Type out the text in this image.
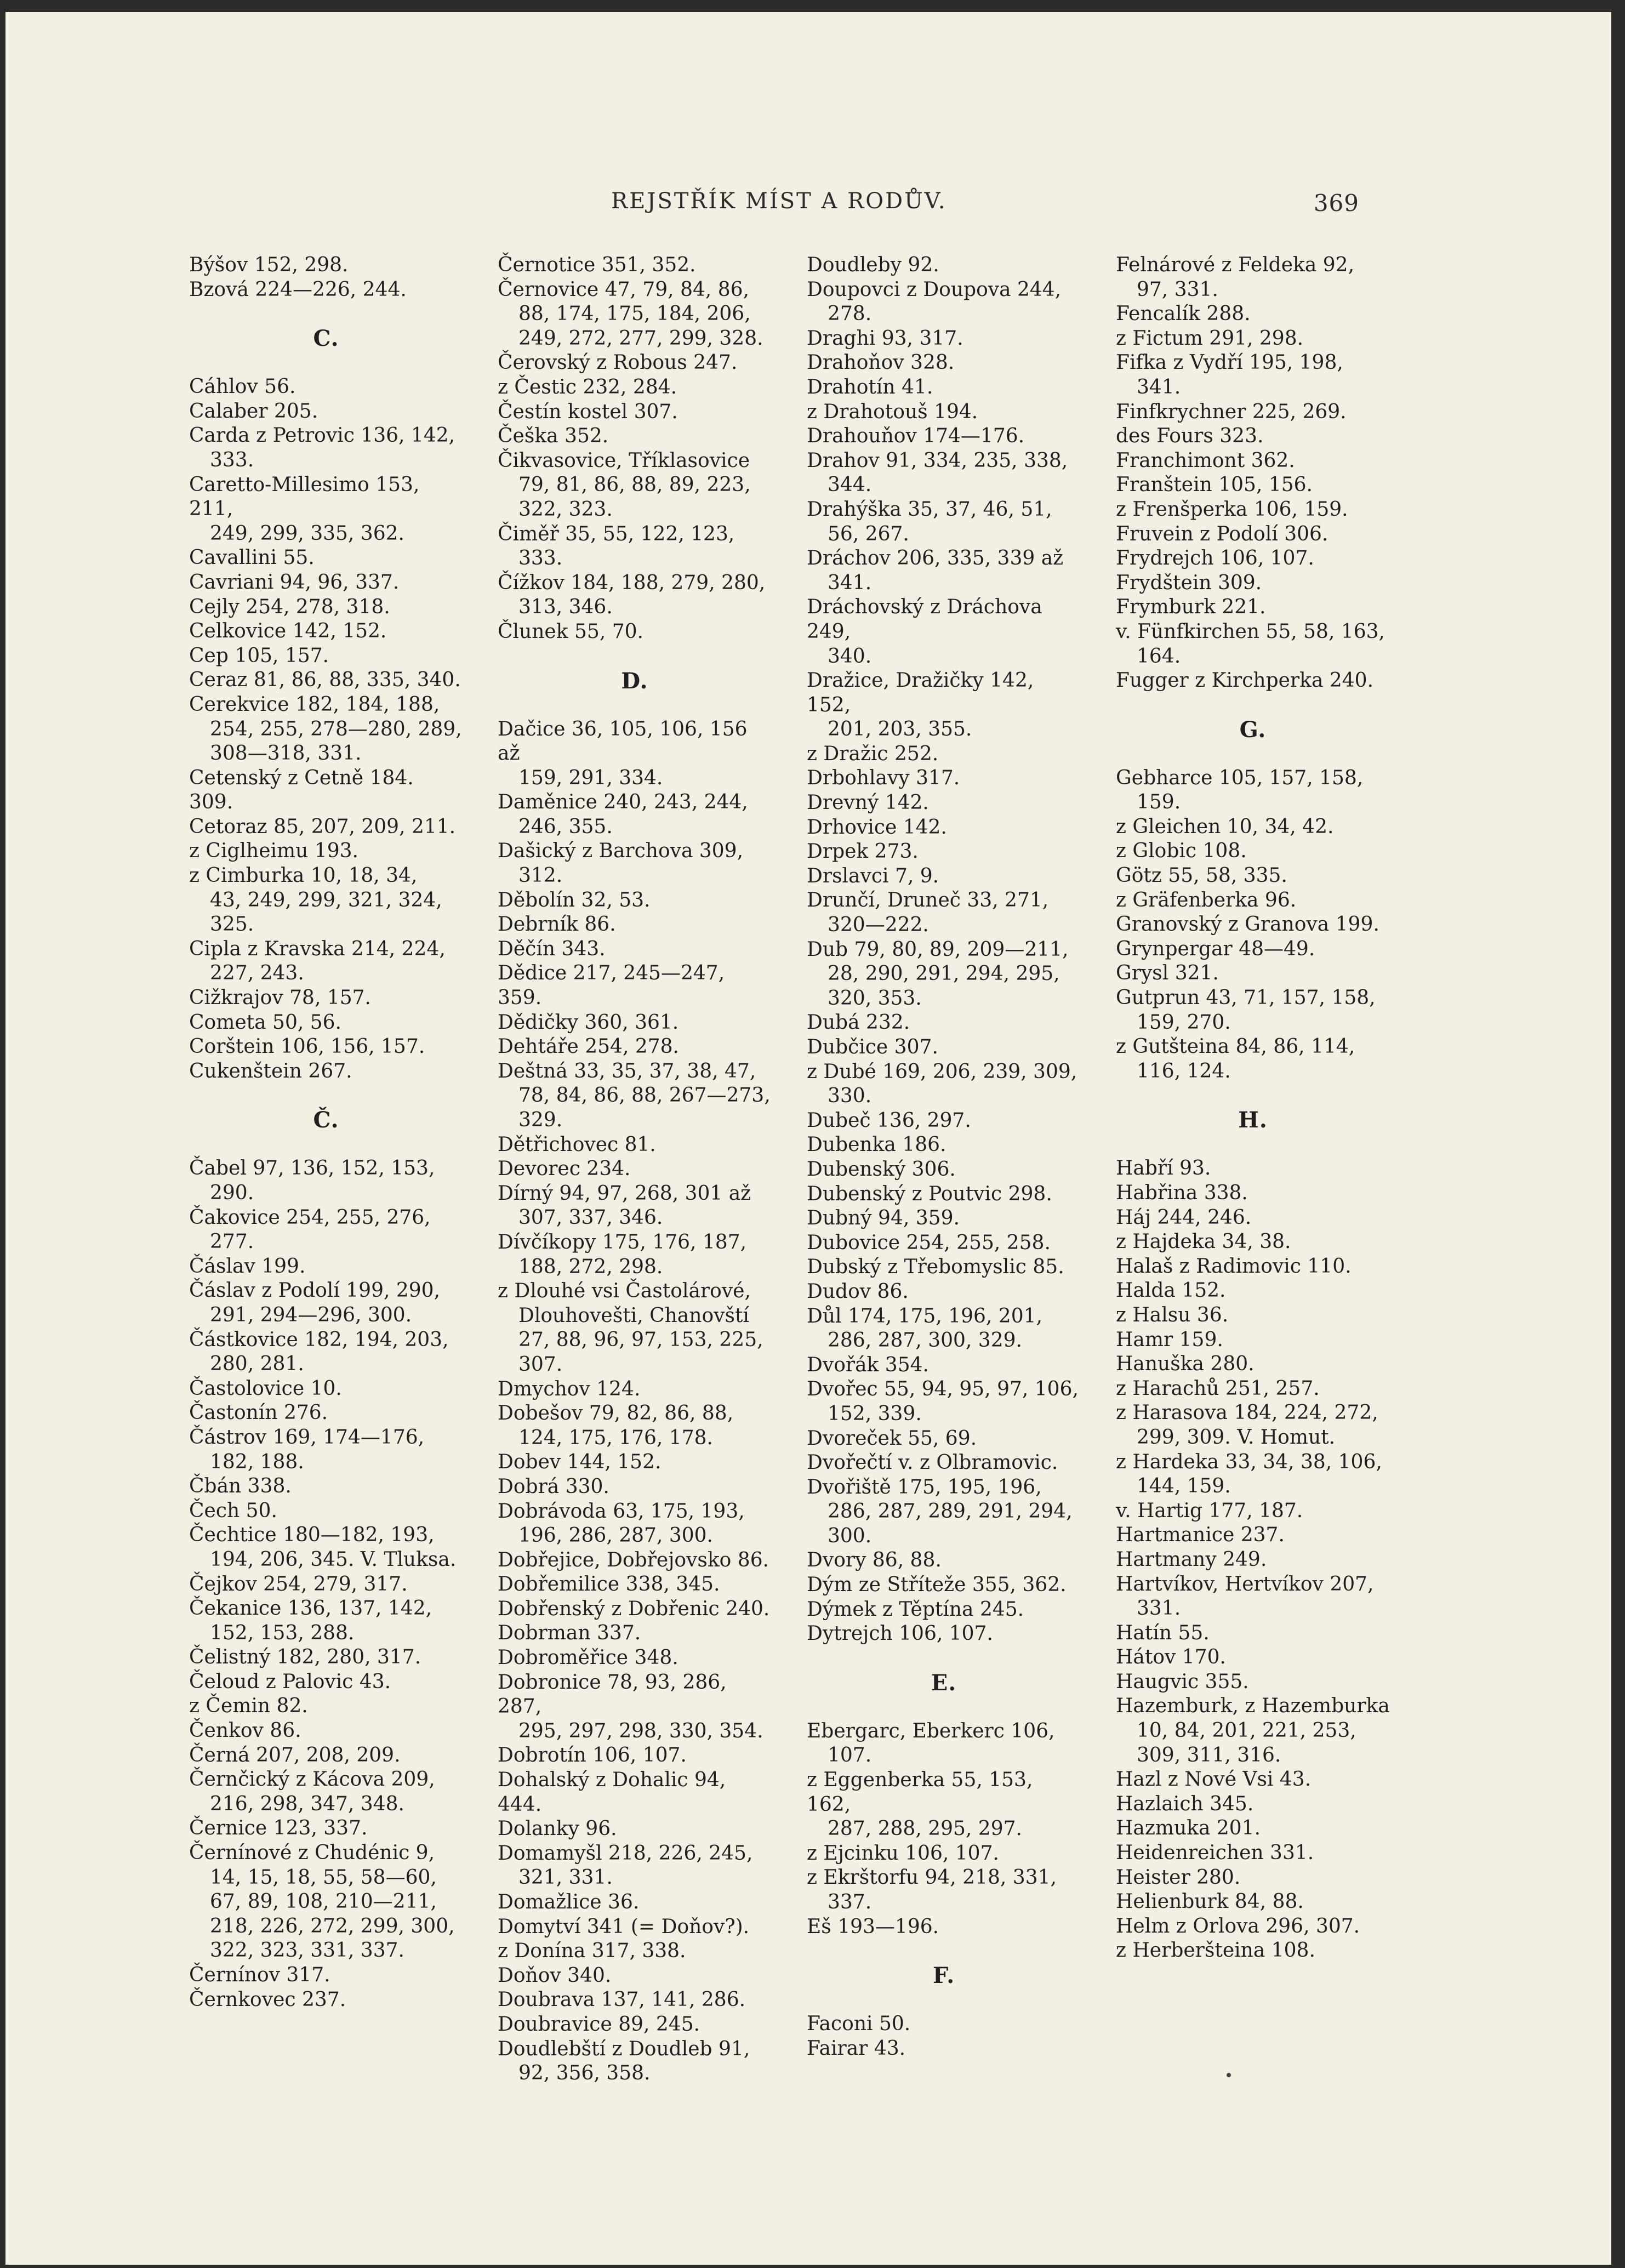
REJSTŘÍK MÍST A RODŮV.	369
Býšov 152, 298.
Bzová 224—226, 244.
C.
Cáhlov 56.
Calaber 205.
Carda z Petrovic 136, 142,
333.
Caretto-Millesimo 153, 211,
249, 299, 335, 362.
Cavallini 55.
Cavriani 94, 96, 337.
Cejly 254, 278, 318.
Celkovice 142, 152.
Cep 105, 157.
Ceraz 81, 86, 88, 335, 340.
Cerekvice 182, 184, 188,
254, 255, 278—280, 289,
308—318, 331.
Cetenský z Cetně 184. 309.
Cetoraz 85, 207, 209, 211.
z Ciglheimu 193.
z Cimburka 10, 18, 34,
43, 249, 299, 321, 324,
325.
Cipla z Kravska 214, 224,
227, 243.
Cižkrajov 78, 157.
Cometa 50, 56.
Corštein 106, 156, 157.
Cukenštein 267.
Č.
Čabel 97, 136, 152, 153,
290.
Čakovice 254, 255, 276,
277.
Čáslav 199.
Čáslav z Podolí 199, 290,
291, 294—296, 300.
Částkovice 182, 194, 203,
280, 281.
Častolovice 10.
Častonín 276.
Částrov 169, 174—176,
182, 188.
Čbán 338.
Čech 50.
Čechtice 180—182, 193,
194, 206, 345. V. Tluksa.
Čejkov 254, 279, 317.
Čekanice 136, 137, 142,
152, 153, 288.
Čelistný 182, 280, 317.
Čeloud z Palovic 43.
z Čemin 82.
Čenkov 86.
Černá 207, 208, 209.
Černčický z Kácova 209,
216, 298, 347, 348.
Černice 123, 337.
Černínové z Chudénic 9,
14, 15, 18, 55, 58—60,
67, 89, 108, 210—211,
218, 226, 272, 299, 300,
322, 323, 331, 337.
Černínov 317.
Černkovec 237.
Černotice 351, 352.
Černovice 47, 79, 84, 86,
88, 174, 175, 184, 206,
249, 272, 277, 299, 328.
Čerovský z Robous 247.
z Čestic 232, 284.
Čestín kostel 307.
Češka 352.
Čikvasovice, Tříklasovice
79, 81, 86, 88, 89, 223,
322, 323.
Čiměř 35, 55, 122, 123,
333.
Čížkov 184, 188, 279, 280,
313, 346.
Člunek 55, 70.
D.
Dačice 36, 105, 106, 156 až
159, 291, 334.
Daměnice 240, 243, 244,
246, 355.
Dašický z Barchova 309,
312.
Děbolín 32, 53.
Debrník 86.
Děčín 343.
Dědice 217, 245—247, 359.
Dědičky 360, 361.
Dehtáře 254, 278.
Deštná 33, 35, 37, 38, 47,
78, 84, 86, 88, 267—273,
329.
Dětřichovec 81.
Devorec 234.
Dírný 94, 97, 268, 301 až
307, 337, 346.
Dívčíkopy 175, 176, 187,
188, 272, 298.
z Dlouhé vsi Častolárové,
Dlouhovešti, Chanovští
27, 88, 96, 97, 153, 225,
307.
Dmychov 124.
Dobešov 79, 82, 86, 88,
124, 175, 176, 178.
Dobev 144, 152.
Dobrá 330.
Dobrávoda 63, 175, 193,
196, 286, 287, 300.
Dobřejice, Dobřejovsko 86.
Dobřemilice 338, 345.
Dobřenský z Dobřenic 240.
Dobrman 337.
Dobroměřice 348.
Dobronice 78, 93, 286, 287,
295, 297, 298, 330, 354.
Dobrotín 106, 107.
Dohalský z Dohalic 94, 444.
Dolanky 96.
Domamyšl 218, 226, 245,
321, 331.
Domažlice 36.
Domytví 341 (= Doňov?).
z Donína 317, 338.
Doňov 340.
Doubrava 137, 141, 286.
Doubravice 89, 245.
Doudlebští z Doudleb 91,
92, 356, 358.
Doudleby 92.
Doupovci z Doupova 244,
278.
Draghi 93, 317.
Drahoňov 328.
Drahotín 41.
z Drahotouš 194.
Drahouňov 174—176.
Drahov 91, 334, 235, 338,
344.
Drahýška 35, 37, 46, 51,
56, 267.
Dráchov 206, 335, 339 až
341.
Dráchovský z Dráchova 249,
340.
Dražice, Dražičky 142, 152,
201, 203, 355.
z Dražic 252.
Drbohlavy 317.
Drevný 142.
Drhovice 142.
Drpek 273.
Drslavci 7, 9.
Drunčí, Druneč 33, 271,
320—222.
Dub 79, 80, 89, 209—211,
28, 290, 291, 294, 295,
320, 353.
Dubá 232.
Dubčice 307.
z Dubé 169, 206, 239, 309,
330.
Dubeč 136, 297.
Dubenka 186.
Dubenský 306.
Dubenský z Poutvic 298.
Dubný 94, 359.
Dubovice 254, 255, 258.
Dubský z Třebomyslic 85.
Dudov 86.
Důl 174, 175, 196, 201,
286, 287, 300, 329.
Dvořák 354.
Dvořec 55, 94, 95, 97, 106,
152, 339.
Dvoreček 55, 69.
Dvořečtí v. z Olbramovic.
Dvořiště 175, 195, 196,
286, 287, 289, 291, 294,
300.
Dvory 86, 88.
Dým ze Stříteže 355, 362.
Dýmek z Těptína 245.
Dytrejch 106, 107.
E.
Ebergarc, Eberkerc 106,
107.
z Eggenberka 55, 153, 162,
287, 288, 295, 297.
z Ejcinku 106, 107.
z Ekrštorfu 94, 218, 331,
337.
Eš 193—196.
F.
Faconi 50.
Fairar 43.
Felnárové z Feldeka 92,
97, 331.
Fencalík 288.
z Fictum 291, 298.
Fifka z Vydří 195, 198,
341.
Finfkrychner 225, 269.
des Fours 323.
Franchimont 362.
Franštein 105, 156.
z Frenšperka 106, 159.
Fruvein z Podolí 306.
Frydrejch 106, 107.
Frydštein 309.
Frymburk 221.
v. Fünfkirchen 55, 58, 163,
164.
Fugger z Kirchperka 240.
G.
Gebharce 105, 157, 158,
159.
z Gleichen 10, 34, 42.
z Globic 108.
Götz 55, 58, 335.
z Gräfenberka 96.
Granovský z Granova 199.
Grynpergar 48—49.
Grysl 321.
Gutprun 43, 71, 157, 158,
159, 270.
z Gutšteina 84, 86, 114,
116, 124.
H.
Habří 93.
Habřina 338.
Háj 244, 246.
z Hajdeka 34, 38.
Halaš z Radimovic 110.
Halda 152.
z Halsu 36.
Hamr 159.
Hanuška 280.
z Harachů 251, 257.
z Harasova 184, 224, 272,
299, 309. V. Homut.
z Hardeka 33, 34, 38, 106,
144, 159.
v. Hartig 177, 187.
Hartmanice 237.
Hartmany 249.
Hartvíkov, Hertvíkov 207,
331.
Hatín 55.
Hátov 170.
Haugvic 355.
Hazemburk, z Hazemburka
10, 84, 201, 221, 253,
309, 311, 316.
Hazl z Nové Vsi 43.
Hazlaich 345.
Hazmuka 201.
Heidenreichen 331.
Heister 280.
Helienburk 84, 88.
Helm z Orlova 296, 307.
z Herberšteina 108.
